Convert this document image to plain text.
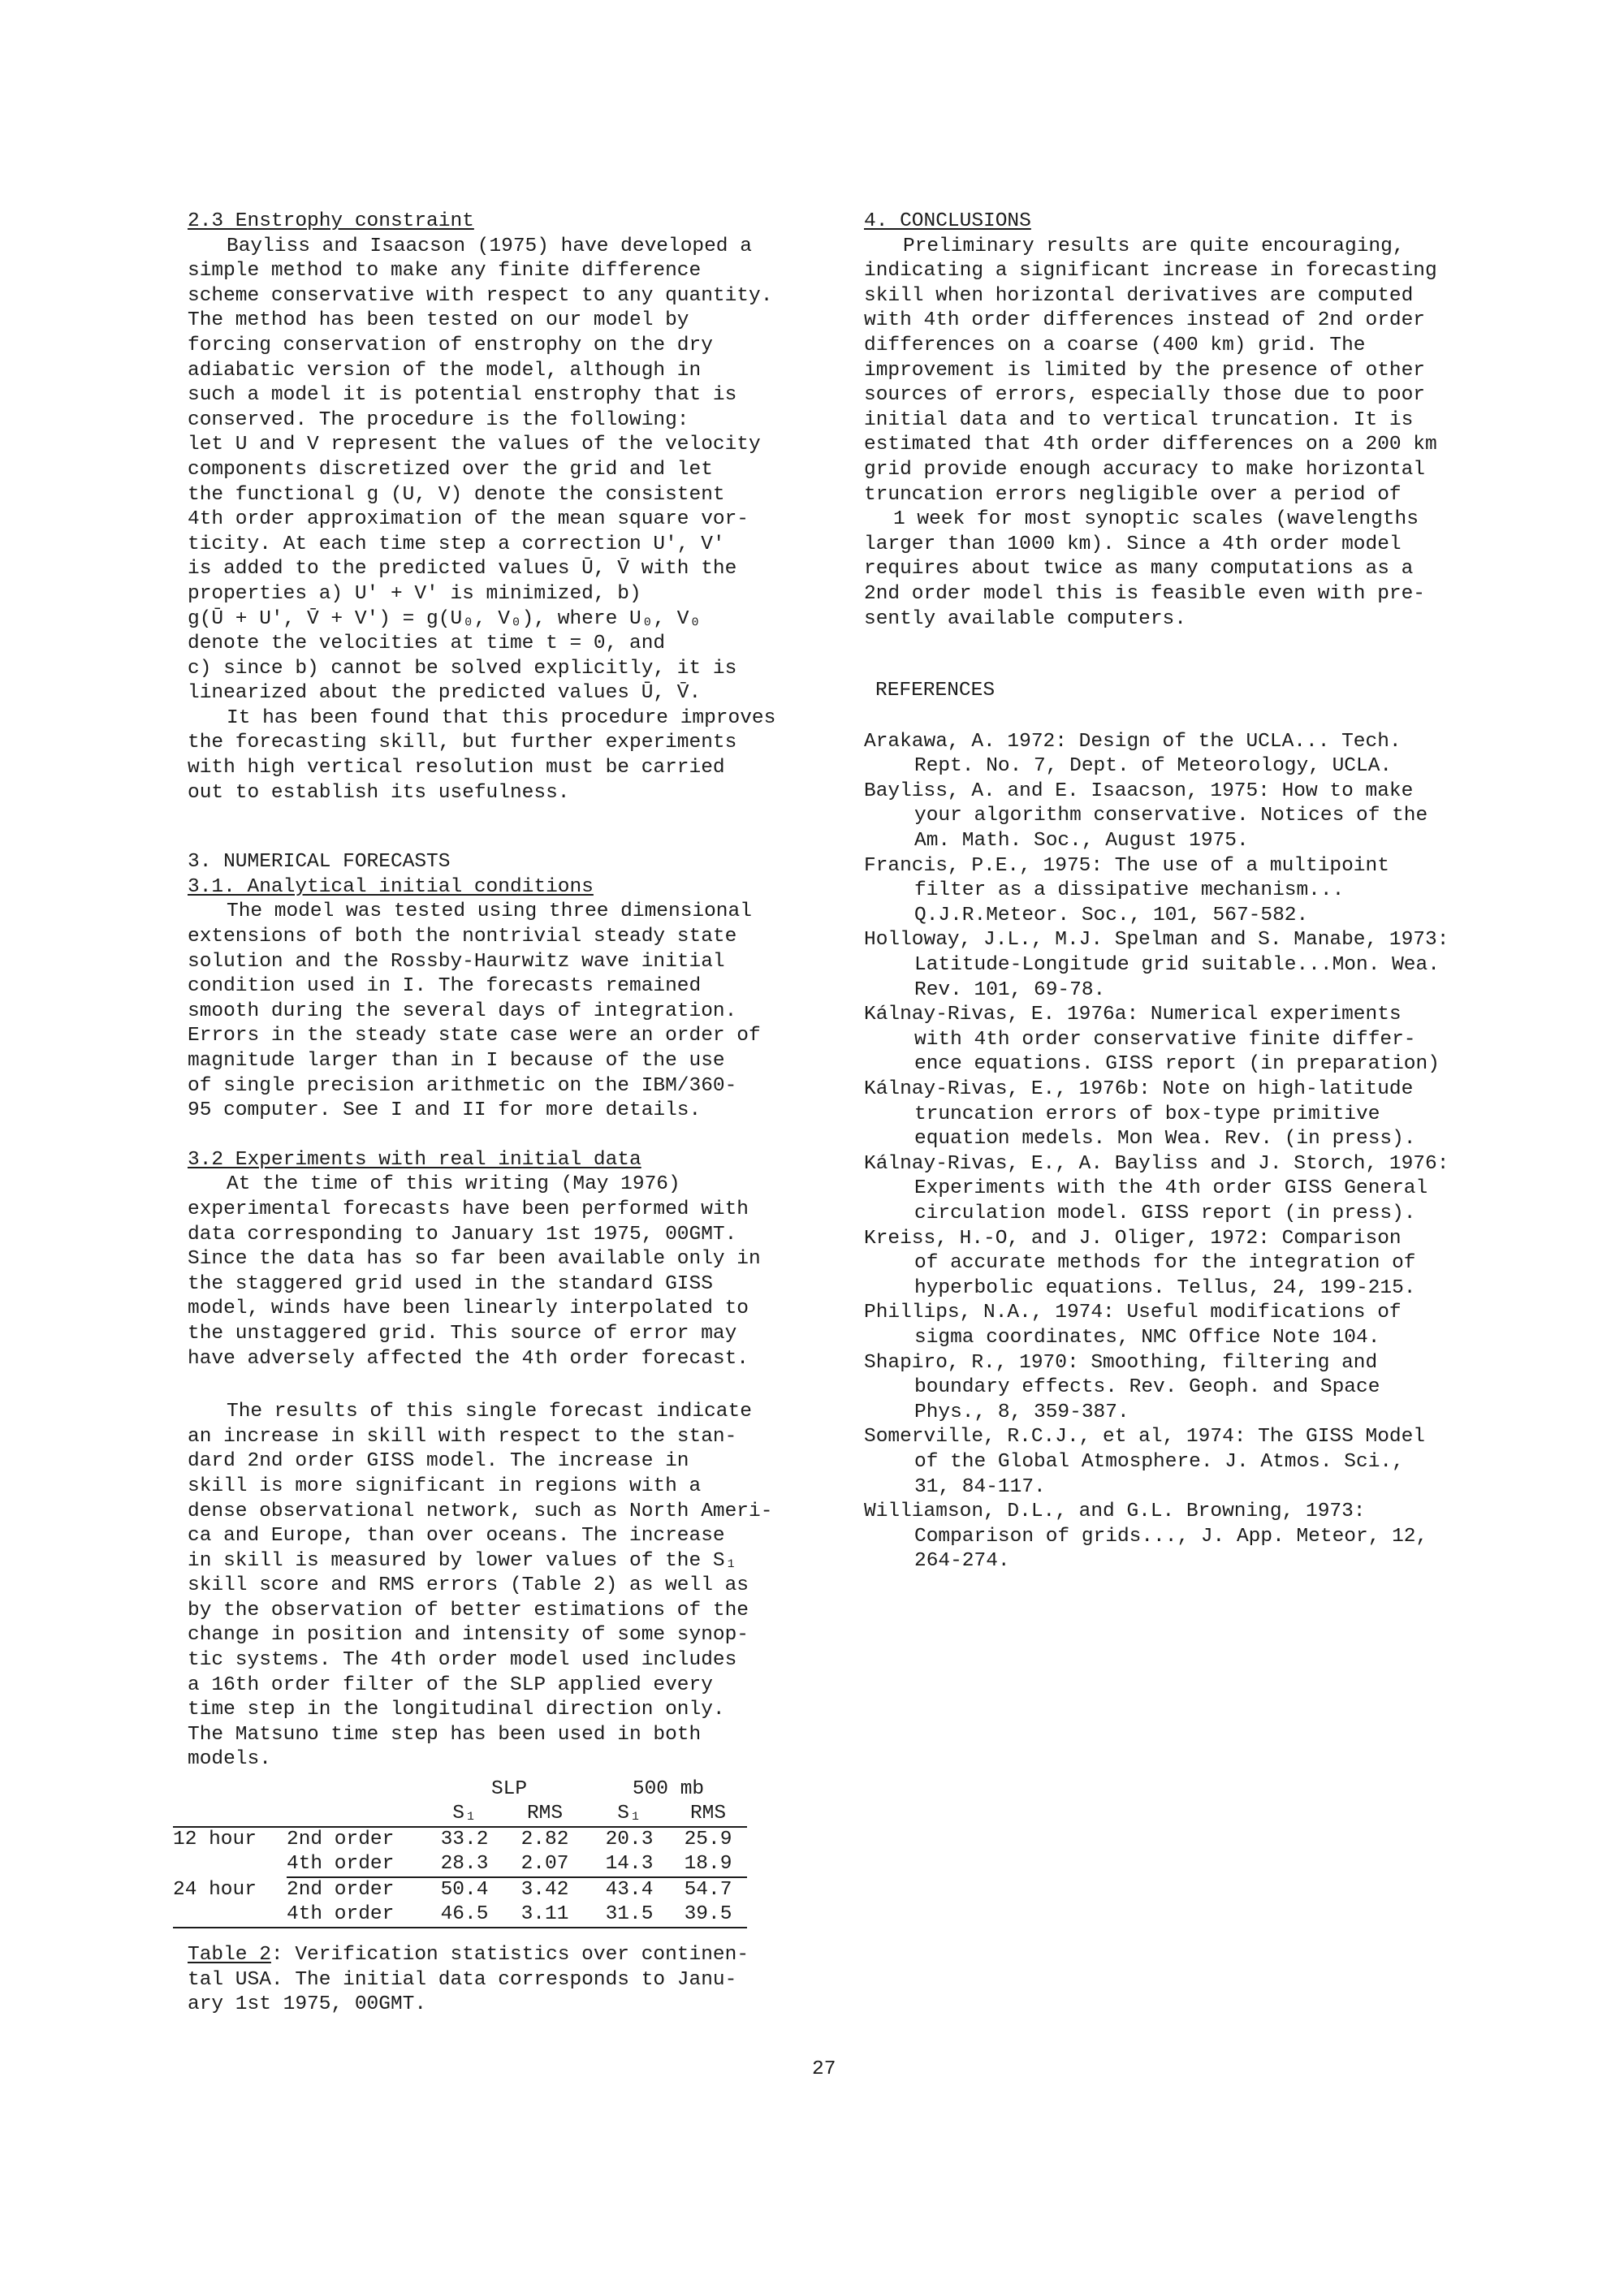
2.3 Enstrophy constraint
Bayliss and Isaacson (1975) have developed a
simple method to make any finite difference
scheme conservative with respect to any quantity.
The method has been tested on our model by
forcing conservation of enstrophy on the dry
adiabatic version of the model, although in
such a model it is potential enstrophy that is
conserved. The procedure is the following:
let U and V represent the values of the velocity
components discretized over the grid and let
the functional g (U, V) denote the consistent
4th order approximation of the mean square vor-
ticity. At each time step a correction U', V'
is added to the predicted values Ū, V̄ with the
properties a) U' + V' is minimized, b)
g(Ū + U', V̄ + V') = g(U₀, V₀), where U₀, V₀
denote the velocities at time t = 0, and
c) since b) cannot be solved explicitly, it is
linearized about the predicted values Ū, V̄.
It has been found that this procedure improves
the forecasting skill, but further experiments
with high vertical resolution must be carried
out to establish its usefulness.
3. NUMERICAL FORECASTS
3.1. Analytical initial conditions
The model was tested using three dimensional
extensions of both the nontrivial steady state
solution and the Rossby-Haurwitz wave initial
condition used in I. The forecasts remained
smooth during the several days of integration.
Errors in the steady state case were an order of
magnitude larger than in I because of the use
of single precision arithmetic on the IBM/360-
95 computer. See I and II for more details.
3.2 Experiments with real initial data
At the time of this writing (May 1976)
experimental forecasts have been performed with
data corresponding to January 1st 1975, 00GMT.
Since the data has so far been available only in
the staggered grid used in the standard GISS
model, winds have been linearly interpolated to
the unstaggered grid. This source of error may
have adversely affected the 4th order forecast.
The results of this single forecast indicate
an increase in skill with respect to the stan-
dard 2nd order GISS model. The increase in
skill is more significant in regions with a
dense observational network, such as North Ameri-
ca and Europe, than over oceans. The increase
in skill is measured by lower values of the S₁
skill score and RMS errors (Table 2) as well as
by the observation of better estimations of the
change in position and intensity of some synop-
tic systems. The 4th order model used includes
a 16th order filter of the SLP applied every
time step in the longitudinal direction only.
The Matsuno time step has been used in both
models.
		SLP		500 mb	
		S₁	RMS	S₁	RMS
12 hour	2nd order	33.2	2.82	20.3	25.9
	4th order	28.3	2.07	14.3	18.9
24 hour	2nd order	50.4	3.42	43.4	54.7
	4th order	46.5	3.11	31.5	39.5
Table 2: Verification statistics over continen-
tal USA. The initial data corresponds to Janu-
ary 1st 1975, 00GMT.
4. CONCLUSIONS
Preliminary results are quite encouraging,
indicating a significant increase in forecasting
skill when horizontal derivatives are computed
with 4th order differences instead of 2nd order
differences on a coarse (400 km) grid. The
improvement is limited by the presence of other
sources of errors, especially those due to poor
initial data and to vertical truncation. It is
estimated that 4th order differences on a 200 km
grid provide enough accuracy to make horizontal
truncation errors negligible over a period of
1 week for most synoptic scales (wavelengths
larger than 1000 km). Since a 4th order model
requires about twice as many computations as a
2nd order model this is feasible even with pre-
sently available computers.
REFERENCES
Arakawa, A. 1972: Design of the UCLA... Tech.
Rept. No. 7, Dept. of Meteorology, UCLA.
Bayliss, A. and E. Isaacson, 1975: How to make
your algorithm conservative. Notices of the
Am. Math. Soc., August 1975.
Francis, P.E., 1975: The use of a multipoint
filter as a dissipative mechanism...
Q.J.R.Meteor. Soc., 101, 567-582.
Holloway, J.L., M.J. Spelman and S. Manabe, 1973:
Latitude-Longitude grid suitable...Mon. Wea.
Rev. 101, 69-78.
Kálnay-Rivas, E. 1976a: Numerical experiments
with 4th order conservative finite differ-
ence equations. GISS report (in preparation)
Kálnay-Rivas, E., 1976b: Note on high-latitude
truncation errors of box-type primitive
equation medels. Mon Wea. Rev. (in press).
Kálnay-Rivas, E., A. Bayliss and J. Storch, 1976:
Experiments with the 4th order GISS General
circulation model. GISS report (in press).
Kreiss, H.-O, and J. Oliger, 1972: Comparison
of accurate methods for the integration of
hyperbolic equations. Tellus, 24, 199-215.
Phillips, N.A., 1974: Useful modifications of
sigma coordinates, NMC Office Note 104.
Shapiro, R., 1970: Smoothing, filtering and
boundary effects. Rev. Geoph. and Space
Phys., 8, 359-387.
Somerville, R.C.J., et al, 1974: The GISS Model
of the Global Atmosphere. J. Atmos. Sci.,
31, 84-117.
Williamson, D.L., and G.L. Browning, 1973:
Comparison of grids..., J. App. Meteor, 12,
264-274.
27
